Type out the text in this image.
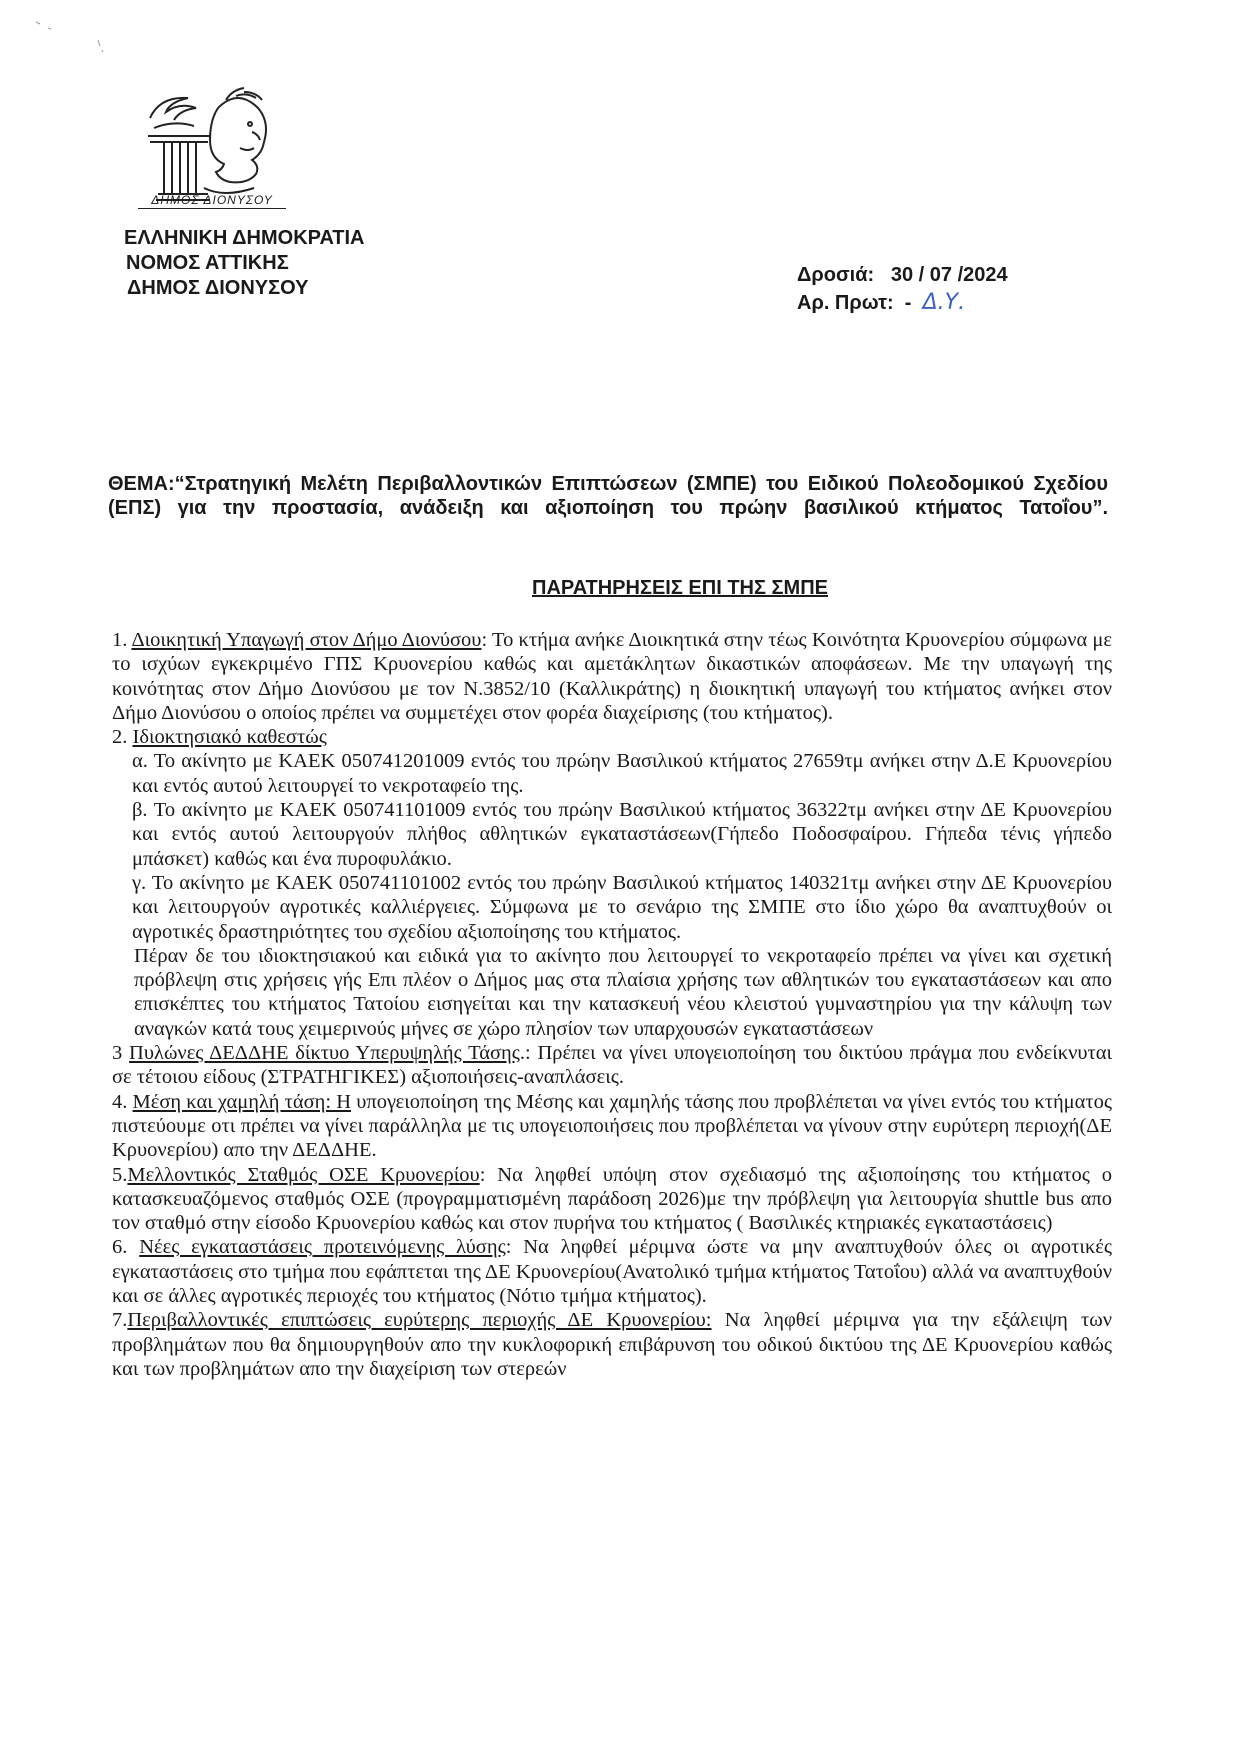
ΔΗΜΟΣ ΔΙΟΝΥΣΟΥ
ΕΛΛΗΝΙΚΗ ΔΗΜΟΚΡΑΤΙΑ
ΝΟΜΟΣ ΑΤΤΙΚΗΣ
ΔΗΜΟΣ ΔΙΟΝΥΣΟΥ
Δροσιά: 30 / 07 /2024
Αρ. Πρωτ: - Δ.Υ.
ΘΕΜΑ:“Στρατηγική Μελέτη Περιβαλλοντικών Επιπτώσεων (ΣΜΠΕ) του Ειδικού Πολεοδομικού Σχεδίου (ΕΠΣ) για την προστασία, ανάδειξη και αξιοποίηση του πρώην βασιλικού κτήματος Τατοΐου”.
ΠΑΡΑΤΗΡΗΣΕΙΣ ΕΠΙ ΤΗΣ ΣΜΠΕ

1. Διοικητική Υπαγωγή στον Δήμο Διονύσου: Το κτήμα ανήκε Διοικητικά στην τέως Κοινότητα Κρυονερίου σύμφωνα με το ισχύων εγκεκριμένο ΓΠΣ Κρυονερίου καθώς και αμετάκλητων δικαστικών αποφάσεων. Με την υπαγωγή της κοινότητας στον Δήμο Διονύσου με τον Ν.3852/10 (Καλλικράτης) η διοικητική υπαγωγή του κτήματος ανήκει στον Δήμο Διονύσου ο οποίος πρέπει να συμμετέχει στον φορέα διαχείρισης (του κτήματος).

2. Ιδιοκτησιακό καθεστώς

α. Το ακίνητο με ΚΑΕΚ 050741201009 εντός του πρώην Βασιλικού κτήματος 27659τμ ανήκει στην Δ.Ε Κρυονερίου και εντός αυτού λειτουργεί το νεκροταφείο της.

β. Το ακίνητο με ΚΑΕΚ 050741101009 εντός του πρώην Βασιλικού κτήματος 36322τμ ανήκει στην ΔΕ Κρυονερίου και εντός αυτού λειτουργούν πλήθος αθλητικών εγκαταστάσεων(Γήπεδο Ποδοσφαίρου. Γήπεδα τένις γήπεδο μπάσκετ) καθώς και ένα πυροφυλάκιο.

γ. Το ακίνητο με ΚΑΕΚ 050741101002 εντός του πρώην Βασιλικού κτήματος 140321τμ ανήκει στην ΔΕ Κρυονερίου και λειτουργούν αγροτικές καλλιέργειες. Σύμφωνα με το σενάριο της ΣΜΠΕ στο ίδιο χώρο θα αναπτυχθούν οι αγροτικές δραστηριότητες του σχεδίου αξιοποίησης του κτήματος.

Πέραν δε του ιδιοκτησιακού και ειδικά για το ακίνητο που λειτουργεί το νεκροταφείο πρέπει να γίνει και σχετική πρόβλεψη στις χρήσεις γής Επι πλέον ο Δήμος μας στα πλαίσια χρήσης των αθλητικών του εγκαταστάσεων και απο επισκέπτες του κτήματος Τατοίου εισηγείται και την κατασκευή νέου κλειστού γυμναστηρίου για την κάλυψη των αναγκών κατά τους χειμερινούς μήνες σε χώρο πλησίον των υπαρχουσών εγκαταστάσεων

3 Πυλώνες ΔΕΔΔΗΕ δίκτυο Υπερυψηλής Τάσης.: Πρέπει να γίνει υπογειοποίηση του δικτύου πράγμα που ενδείκνυται σε τέτοιου είδους (ΣΤΡΑΤΗΓΙΚΕΣ) αξιοποιήσεις-αναπλάσεις.

4. Μέση και χαμηλή τάση: Η υπογειοποίηση της Μέσης και χαμηλής τάσης που προβλέπεται να γίνει εντός του κτήματος πιστεύουμε οτι πρέπει να γίνει παράλληλα με τις υπογειοποιήσεις που προβλέπεται να γίνουν στην ευρύτερη περιοχή(ΔΕ Κρυονερίου) απο την ΔΕΔΔΗΕ.

5.Μελλοντικός Σταθμός ΟΣΕ Κρυονερίου: Να ληφθεί υπόψη στον σχεδιασμό της αξιοποίησης του κτήματος ο κατασκευαζόμενος σταθμός ΟΣΕ (προγραμματισμένη παράδοση 2026)με την πρόβλεψη για λειτουργία shuttle bus απο τον σταθμό στην είσοδο Κρυονερίου καθώς και στον πυρήνα του κτήματος ( Βασιλικές κτηριακές εγκαταστάσεις)

6. Νέες εγκαταστάσεις προτεινόμενης λύσης: Να ληφθεί μέριμνα ώστε να μην αναπτυχθούν όλες οι αγροτικές εγκαταστάσεις στο τμήμα που εφάπτεται της ΔΕ Κρυονερίου(Ανατολικό τμήμα κτήματος Τατοΐου) αλλά να αναπτυχθούν και σε άλλες αγροτικές περιοχές του κτήματος (Νότιο τμήμα κτήματος).

7.Περιβαλλοντικές επιπτώσεις ευρύτερης περιοχής ΔΕ Κρυονερίου: Να ληφθεί μέριμνα για την εξάλειψη των προβλημάτων που θα δημιουργηθούν απο την κυκλοφορική επιβάρυνση του οδικού δικτύου της ΔΕ Κρυονερίου καθώς και των προβλημάτων απο την διαχείριση των στερεών
